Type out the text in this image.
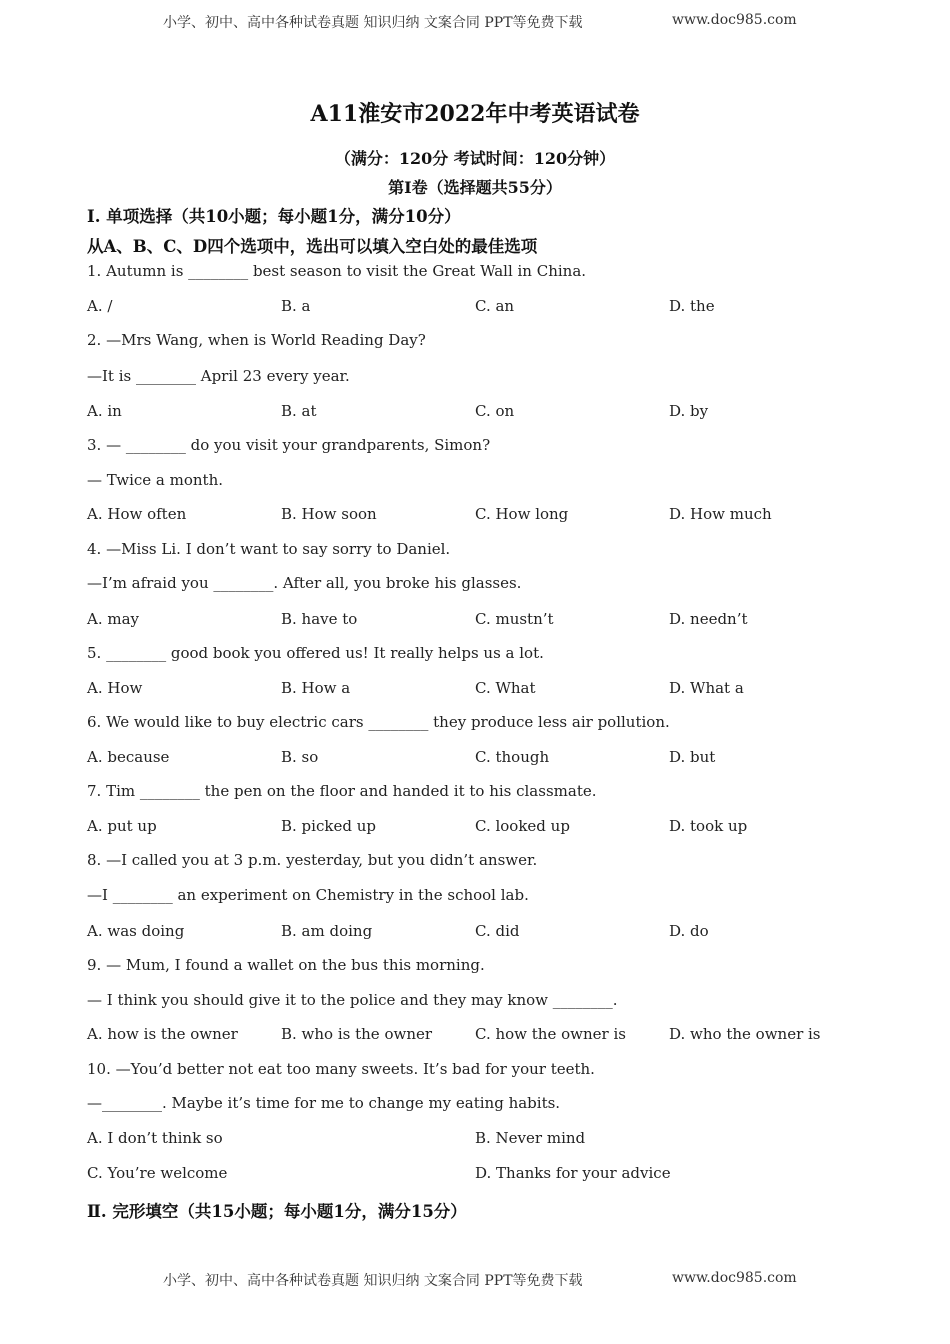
小学、初中、高中各种试卷真题 知识归纳 文案合同 PPT等免费下载	www.doc985.com
A11淮安市2022年中考英语试卷
（满分：120分 考试时间：120分钟）
第Ⅰ卷（选择题共55分）
Ⅰ. 单项选择（共10小题；每小题1分，满分10分）
从A、B、C、D四个选项中，选出可以填入空白处的最佳选项
1. Autumn is ________ best season to visit the Great Wall in China.
A. /	B. a	C. an	D. the
2. —Mrs Wang, when is World Reading Day?
—It is ________ April 23 every year.
A. in	B. at	C. on	D. by
3. — ________ do you visit your grandparents, Simon?
— Twice a month.
A. How often	B. How soon	C. How long	D. How much
4. —Miss Li. I don’t want to say sorry to Daniel.
—I’m afraid you ________. After all, you broke his glasses.
A. may	B. have to	C. mustn’t	D. needn’t
5. ________ good book you offered us! It really helps us a lot.
A. How	B. How a	C. What	D. What a
6. We would like to buy electric cars ________ they produce less air pollution.
A. because	B. so	C. though	D. but
7. Tim ________ the pen on the floor and handed it to his classmate.
A. put up	B. picked up	C. looked up	D. took up
8. —I called you at 3 p.m. yesterday, but you didn’t answer.
—I ________ an experiment on Chemistry in the school lab.
A. was doing	B. am doing	C. did	D. do
9. — Mum, I found a wallet on the bus this morning.
— I think you should give it to the police and they may know ________.
A. how is the owner	B. who is the owner	C. how the owner is	D. who the owner is
10. —You’d better not eat too many sweets. It’s bad for your teeth.
—________. Maybe it’s time for me to change my eating habits.
A. I don’t think so	B. Never mind
C. You’re welcome	D. Thanks for your advice
Ⅱ. 完形填空（共15小题；每小题1分，满分15分）
小学、初中、高中各种试卷真题 知识归纳 文案合同 PPT等免费下载	www.doc985.com
